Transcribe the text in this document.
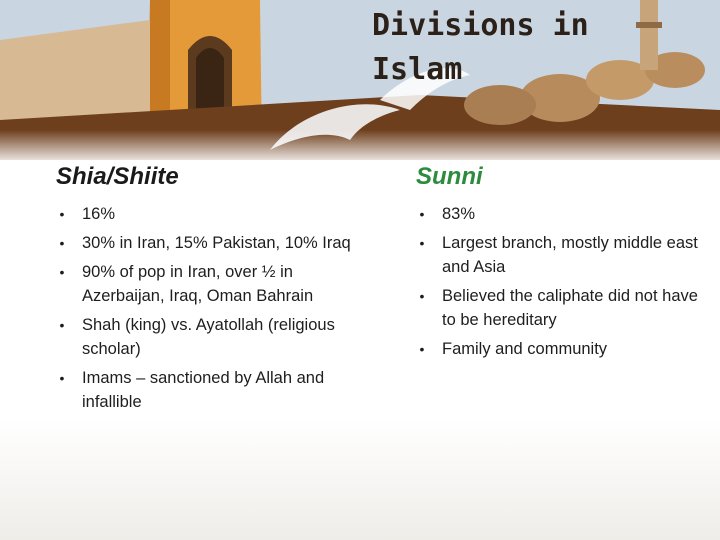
Divisions in
Islam
Shia/Shiite
• 16%
• 30% in Iran, 15% Pakistan, 10% Iraq
• 90% of pop in Iran, over ½ in Azerbaijan, Iraq, Oman Bahrain
• Shah (king) vs. Ayatollah (religious scholar)
• Imams – sanctioned by Allah and infallible
Sunni
• 83%
• Largest branch, mostly middle east and Asia
• Believed the caliphate did not have to be hereditary
• Family and community
